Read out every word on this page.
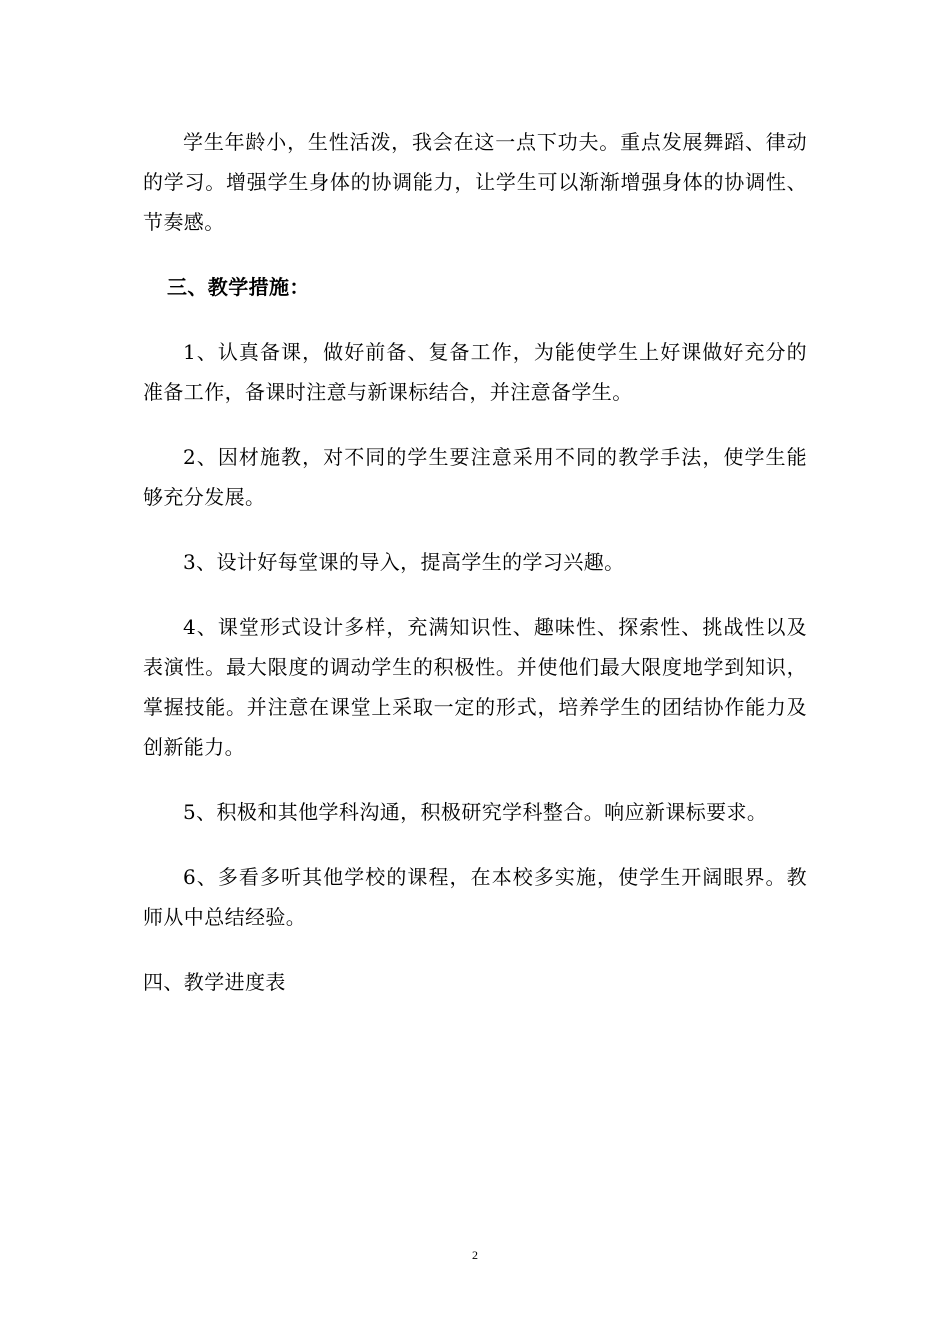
学生年龄小，生性活泼，我会在这一点下功夫。重点发展舞蹈、律动的学习。增强学生身体的协调能力，让学生可以渐渐增强身体的协调性、节奏感。

三、教学措施：

1、认真备课，做好前备、复备工作，为能使学生上好课做好充分的准备工作，备课时注意与新课标结合，并注意备学生。

2、因材施教，对不同的学生要注意采用不同的教学手法，使学生能够充分发展。

3、设计好每堂课的导入，提高学生的学习兴趣。

4、课堂形式设计多样，充满知识性、趣味性、探索性、挑战性以及表演性。最大限度的调动学生的积极性。并使他们最大限度地学到知识，掌握技能。并注意在课堂上采取一定的形式，培养学生的团结协作能力及创新能力。

5、积极和其他学科沟通，积极研究学科整合。响应新课标要求。

6、多看多听其他学校的课程，在本校多实施，使学生开阔眼界。教师从中总结经验。

四、教学进度表

2
